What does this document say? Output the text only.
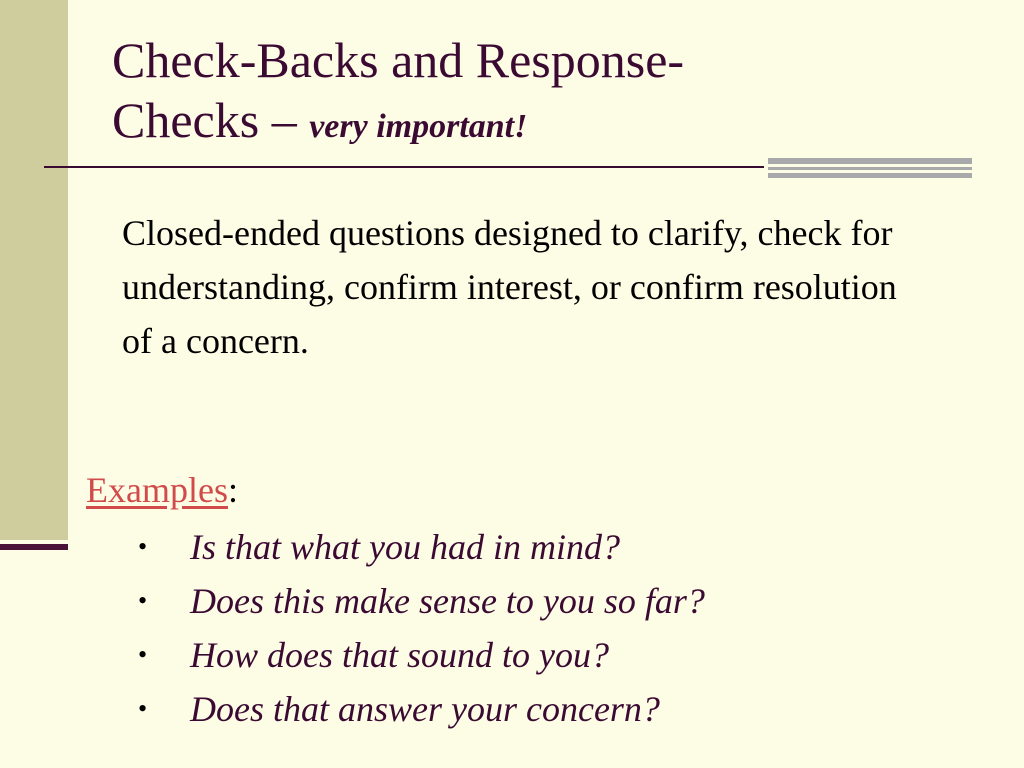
Check-Backs and Response-
Checks – very important!

Closed-ended questions designed to clarify, check for understanding, confirm interest, or confirm resolution of a concern.

Examples:

• Is that what you had in mind?
• Does this make sense to you so far?
• How does that sound to you?
• Does that answer your concern?
